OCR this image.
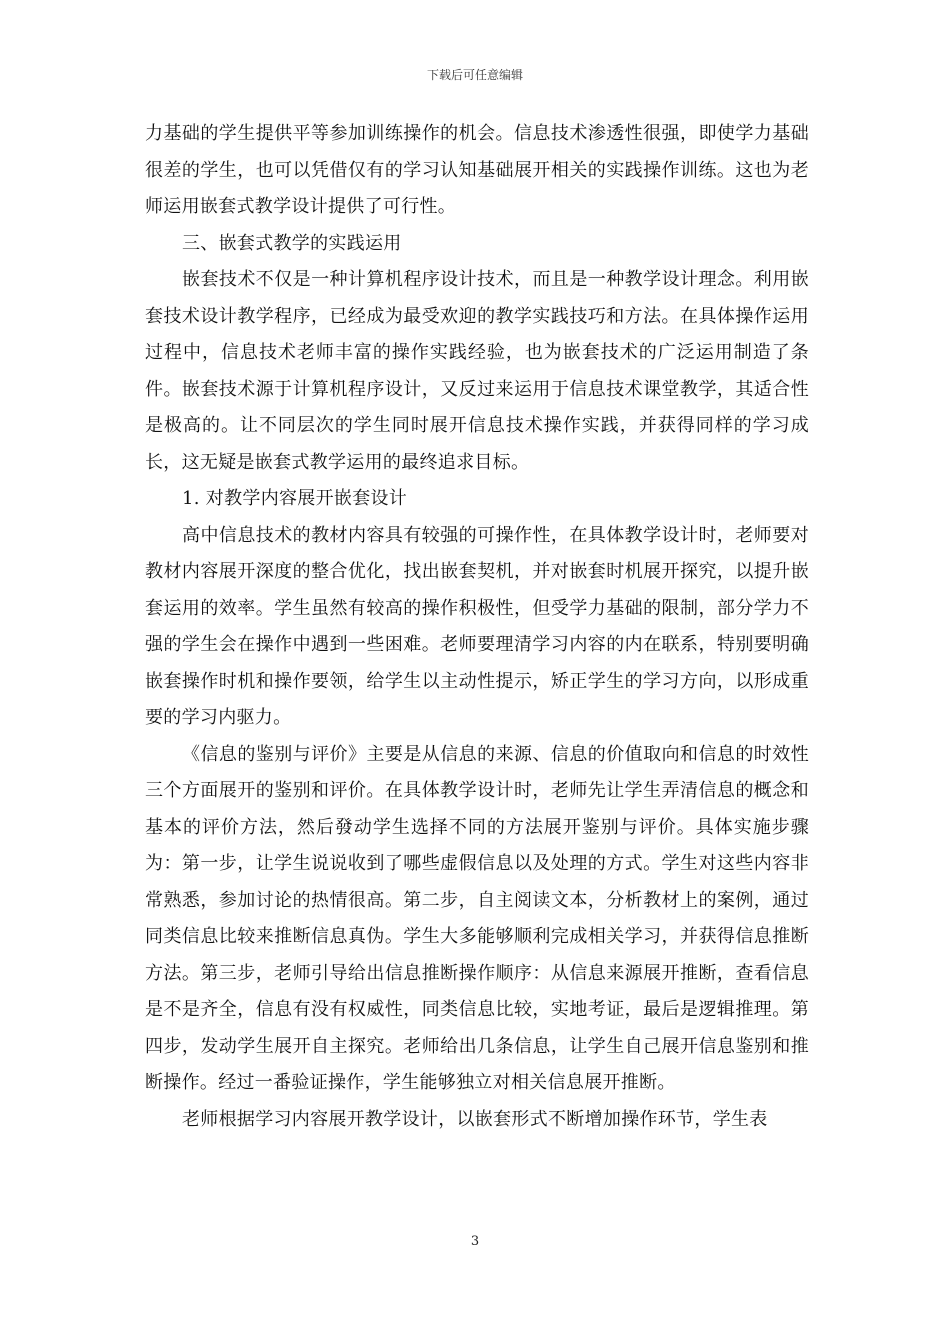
下载后可任意编辑

力基础的学生提供平等参加训练操作的机会。信息技术渗透性很强，即使学力基础很差的学生，也可以凭借仅有的学习认知基础展开相关的实践操作训练。这也为老师运用嵌套式教学设计提供了可行性。

三、嵌套式教学的实践运用

嵌套技术不仅是一种计算机程序设计技术，而且是一种教学设计理念。利用嵌套技术设计教学程序，已经成为最受欢迎的教学实践技巧和方法。在具体操作运用过程中，信息技术老师丰富的操作实践经验，也为嵌套技术的广泛运用制造了条件。嵌套技术源于计算机程序设计，又反过来运用于信息技术课堂教学，其适合性是极高的。让不同层次的学生同时展开信息技术操作实践，并获得同样的学习成长，这无疑是嵌套式教学运用的最终追求目标。

1. 对教学内容展开嵌套设计

高中信息技术的教材内容具有较强的可操作性，在具体教学设计时，老师要对教材内容展开深度的整合优化，找出嵌套契机，并对嵌套时机展开探究，以提升嵌套运用的效率。学生虽然有较高的操作积极性，但受学力基础的限制，部分学力不强的学生会在操作中遇到一些困难。老师要理清学习内容的内在联系，特别要明确嵌套操作时机和操作要领，给学生以主动性提示，矫正学生的学习方向，以形成重要的学习内驱力。

《信息的鉴别与评价》主要是从信息的来源、信息的价值取向和信息的时效性三个方面展开的鉴别和评价。在具体教学设计时，老师先让学生弄清信息的概念和基本的评价方法，然后發动学生选择不同的方法展开鉴别与评价。具体实施步骤为：第一步，让学生说说收到了哪些虚假信息以及处理的方式。学生对这些内容非常熟悉，参加讨论的热情很高。第二步，自主阅读文本，分析教材上的案例，通过同类信息比较来推断信息真伪。学生大多能够顺利完成相关学习，并获得信息推断方法。第三步，老师引导给出信息推断操作顺序：从信息来源展开推断，查看信息是不是齐全，信息有没有权威性，同类信息比较，实地考证，最后是逻辑推理。第四步，发动学生展开自主探究。老师给出几条信息，让学生自己展开信息鉴别和推断操作。经过一番验证操作，学生能够独立对相关信息展开推断。

老师根据学习内容展开教学设计，以嵌套形式不断增加操作环节，学生表

3
